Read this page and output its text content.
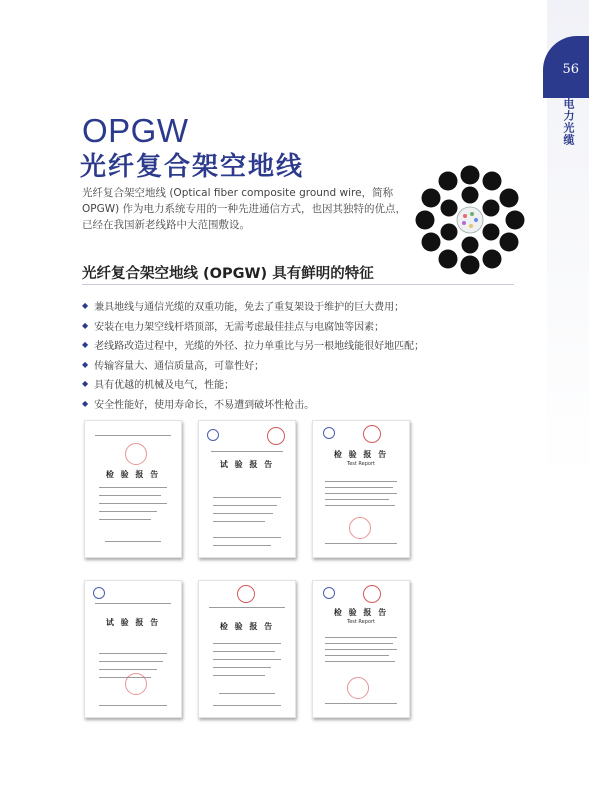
56
电力光缆
OPGW
光纤复合架空地线

光纤复合架空地线 (Optical fiber composite ground wire，简称 OPGW) 作为电力系统专用的一种先进通信方式，也因其独特的优点，已经在我国新老线路中大范围敷设。

光纤复合架空地线 (OPGW) 具有鲜明的特征
◆ 兼具地线与通信光缆的双重功能，免去了重复架设于维护的巨大费用；
◆ 安装在电力架空线杆塔顶部，无需考虑最佳挂点与电腐蚀等因素；
◆ 老线路改造过程中，光缆的外径、拉力单重比与另一根地线能很好地匹配；
◆ 传输容量大、通信质量高，可靠性好；
◆ 具有优越的机械及电气，性能；
◆ 安全性能好，使用寿命长，不易遭到破坏性枪击。
检 验 报 告
试 验 报 告
检 验 报 告
Test Report
试 验 报 告	检 验 报 告
检 验 报 告
Test Report
